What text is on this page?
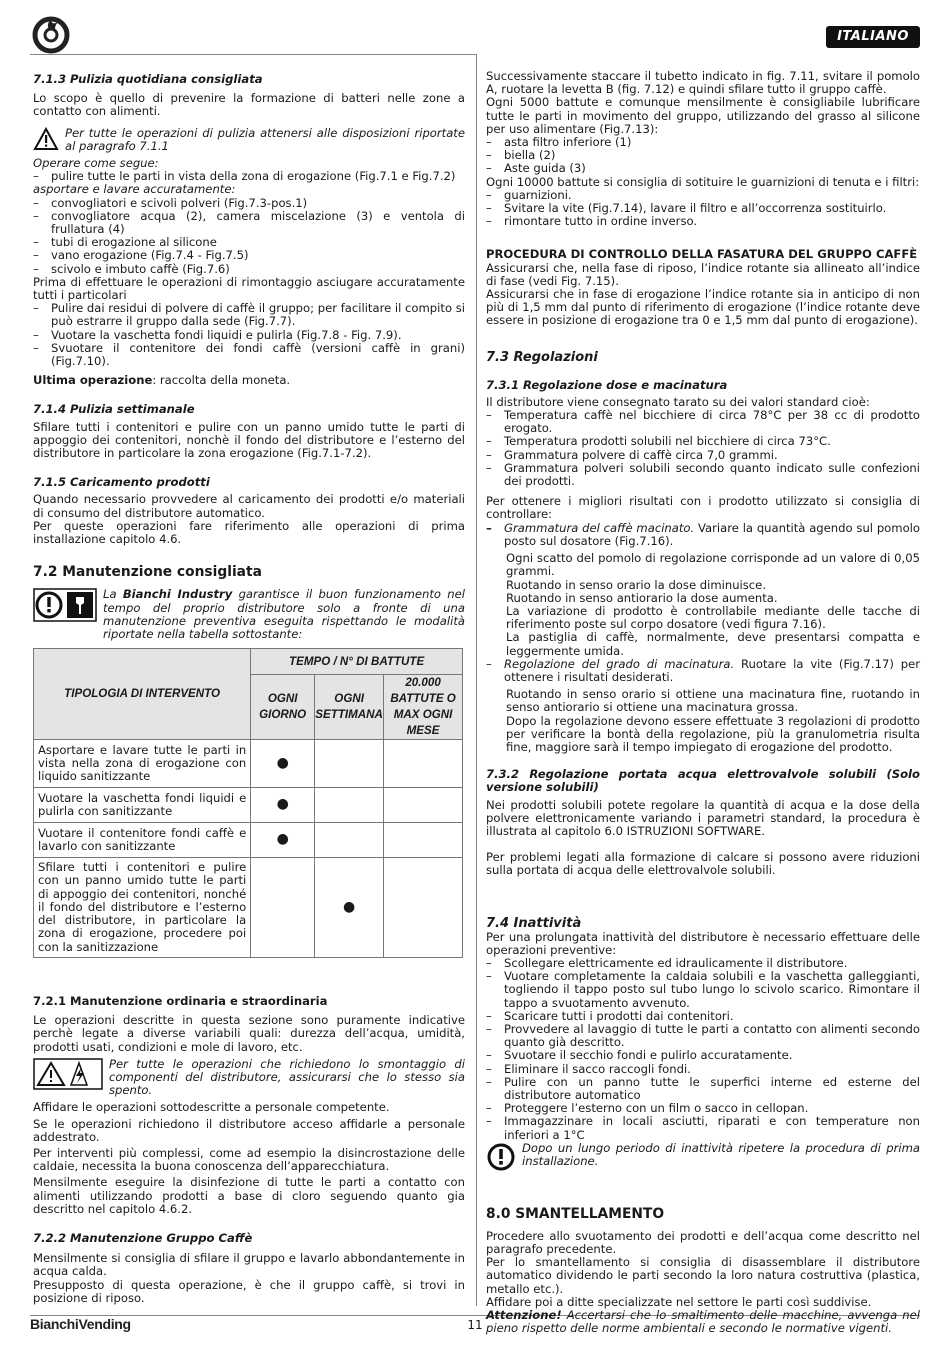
ITALIANO

7.1.3 Pulizia quotidiana consigliata

Lo scopo è quello di prevenire la formazione di batteri nelle zone a contatto con alimenti.

Per tutte le operazioni di pulizia attenersi alle disposizioni riportate al paragrafo 7.1.1

Operare come segue:

– pulire tutte le parti in vista della zona di erogazione (Fig.7.1 e Fig.7.2)

asportare e lavare accuratamente:

– convogliatori e scivoli polveri (Fig.7.3-pos.1)
– convogliatore acqua (2), camera miscelazione (3) e ventola di frullatura (4)
– tubi di erogazione al silicone
– vano erogazione (Fig.7.4 - Fig.7.5)
– scivolo e imbuto caffè (Fig.7.6)

Prima di effettuare le operazioni di rimontaggio asciugare accuratamente tutti i particolari

– Pulire dai residui di polvere di caffè il gruppo; per facilitare il compito si può estrarre il gruppo dalla sede (Fig.7.7).
– Vuotare la vaschetta fondi liquidi e pulirla (Fig.7.8 - Fig. 7.9).
– Svuotare il contenitore dei fondi caffè (versioni caffè in grani) (Fig.7.10).

Ultima operazione: raccolta della moneta.

7.1.4 Pulizia settimanale

Sfilare tutti i contenitori e pulire con un panno umido tutte le parti di appoggio dei contenitori, nonchè il fondo del distributore e l’esterno del distributore in particolare la zona erogazione (Fig.7.1-7.2).

7.1.5 Caricamento prodotti

Quando necessario provvedere al caricamento dei prodotti e/o materiali di consumo del distributore automatico.

Per queste operazioni fare riferimento alle operazioni di prima installazione capitolo 4.6.

7.2 Manutenzione consigliata

La Bianchi Industry garantisce il buon funzionamento nel tempo del proprio distributore solo a fronte di una manutenzione preventiva eseguita rispettando le modalità riportate nella tabella sottostante:

TIPOLOGIA DI INTERVENTO	TEMPO / N° DI BATTUTE		
	OGNI GIORNO	OGNI SETTIMANA	20.000 BATTUTE O MAX OGNI MESE
Asportare e lavare tutte le parti in vista nella zona di erogazione con liquido sanitizzante	●		
Vuotare la vaschetta fondi liquidi e pulirla con sanitizzante	●		
Vuotare il contenitore fondi caffè e lavarlo con sanitizzante	●		
Sfilare tutti i contenitori e pulire con un panno umido tutte le parti di appoggio dei contenitori, nonché il fondo del distributore e l’esterno del distributore, in particolare la zona di erogazione, procedere poi con la sanitizzazione		●	

7.2.1 Manutenzione ordinaria e straordinaria

Le operazioni descritte in questa sezione sono puramente indicative perchè legate a diverse variabili quali: durezza dell’acqua, umidità, prodotti usati, condizioni e mole di lavoro, etc.

Per tutte le operazioni che richiedono lo smontaggio di componenti del distributore, assicurarsi che lo stesso sia spento.

Affidare le operazioni sottodescritte a personale competente.

Se le operazioni richiedono il distributore acceso affidarle a personale addestrato.

Per interventi più complessi, come ad esempio la disincrostazione delle caldaie, necessita la buona conoscenza dell’apparecchiatura.

Mensilmente eseguire la disinfezione di tutte le parti a contatto con alimenti utilizzando prodotti a base di cloro seguendo quanto gia descritto nel capitolo 4.6.2.

7.2.2 Manutenzione Gruppo Caffè

Mensilmente si consiglia di sfilare il gruppo e lavarlo abbondantemente in acqua calda.

Presupposto di questa operazione, è che il gruppo caffè, si trovi in posizione di riposo.

Successivamente staccare il tubetto indicato in fig. 7.11, svitare il pomolo A, ruotare la levetta B (fig. 7.12) e quindi sfilare tutto il gruppo caffè.

Ogni 5000 battute e comunque mensilmente è consigliabile lubrificare tutte le parti in movimento del gruppo, utilizzando del grasso al silicone per uso alimentare (Fig.7.13):

– asta filtro inferiore (1)
– biella (2)
– Aste guida (3)

Ogni 10000 battute si consiglia di sotituire le guarnizioni di tenuta e i filtri:

– guarnizioni.
– Svitare la vite (Fig.7.14), lavare il filtro e all’occorrenza sostituirlo.
– rimontare tutto in ordine inverso.

PROCEDURA DI CONTROLLO DELLA FASATURA DEL GRUPPO CAFFÈ

Assicurarsi che, nella fase di riposo, l’indice rotante sia allineato all’indice di fase (vedi Fig. 7.15).

Assicurarsi che in fase di erogazione l’indice rotante sia in anticipo di non più di 1,5 mm dal punto di riferimento di erogazione (l’indice rotante deve essere in posizione di erogazione tra 0 e 1,5 mm dal punto di erogazione).

7.3 Regolazioni

7.3.1 Regolazione dose e macinatura

Il distributore viene consegnato tarato su dei valori standard cioè:

– Temperatura caffè nel bicchiere di circa 78°C per 38 cc di prodotto erogato.
– Temperatura prodotti solubili nel bicchiere di circa 73°C.
– Grammatura polvere di caffè circa 7,0 grammi.
– Grammatura polveri solubili secondo quanto indicato sulle confezioni dei prodotti.

Per ottenere i migliori risultati con i prodotto utilizzato si consiglia di controllare:

– Grammatura del caffè macinato. Variare la quantità agendo sul pomolo posto sul dosatore (Fig.7.16).

Ogni scatto del pomolo di regolazione corrisponde ad un valore di 0,05 grammi.

Ruotando in senso orario la dose diminuisce.

Ruotando in senso antiorario la dose aumenta.

La variazione di prodotto è controllabile mediante delle tacche di riferimento poste sul corpo dosatore (vedi figura 7.16).

La pastiglia di caffè, normalmente, deve presentarsi compatta e leggermente umida.

– Regolazione del grado di macinatura. Ruotare la vite (Fig.7.17) per ottenere i risultati desiderati.

Ruotando in senso orario si ottiene una macinatura fine, ruotando in senso antiorario si ottiene una macinatura grossa.

Dopo la regolazione devono essere effettuate 3 regolazioni di prodotto per verificare la bontà della regolazione, più la granulometria risulta fine, maggiore sarà il tempo impiegato di erogazione del prodotto.

7.3.2 Regolazione portata acqua elettrovalvole solubili (Solo versione solubili)

Nei prodotti solubili potete regolare la quantità di acqua e la dose della polvere elettronicamente variando i parametri standard, la procedura è illustrata al capitolo 6.0 ISTRUZIONI SOFTWARE.

Per problemi legati alla formazione di calcare si possono avere riduzioni sulla portata di acqua delle elettrovalvole solubili.

7.4 Inattività

Per una prolungata inattività del distributore è necessario effettuare delle operazioni preventive:

– Scollegare elettricamente ed idraulicamente il distributore.
– Vuotare completamente la caldaia solubili e la vaschetta galleggianti, togliendo il tappo posto sul tubo lungo lo scivolo scarico. Rimontare il tappo a svuotamento avvenuto.
– Scaricare tutti i prodotti dai contenitori.
– Provvedere al lavaggio di tutte le parti a contatto con alimenti secondo quanto già descritto.
– Svuotare il secchio fondi e pulirlo accuratamente.
– Eliminare il sacco raccogli fondi.
– Pulire con un panno tutte le superfici interne ed esterne del distributore automatico
– Proteggere l’esterno con un film o sacco in cellopan.
– Immagazzinare in locali asciutti, riparati e con temperature non inferiori a 1°C

Dopo un lungo periodo di inattività ripetere la procedura di prima installazione.

8.0 SMANTELLAMENTO

Procedere allo svuotamento dei prodotti e dell’acqua come descritto nel paragrafo precedente.

Per lo smantellamento si consiglia di disassemblare il distributore automatico dividendo le parti secondo la loro natura costruttiva (plastica, metallo etc.).

Affidare poi a ditte specializzate nel settore le parti così suddivise.

Attenzione! Accertarsi che lo smaltimento delle macchine, avvenga nel pieno rispetto delle norme ambientali e secondo le normative vigenti.

BianchiVending	11
